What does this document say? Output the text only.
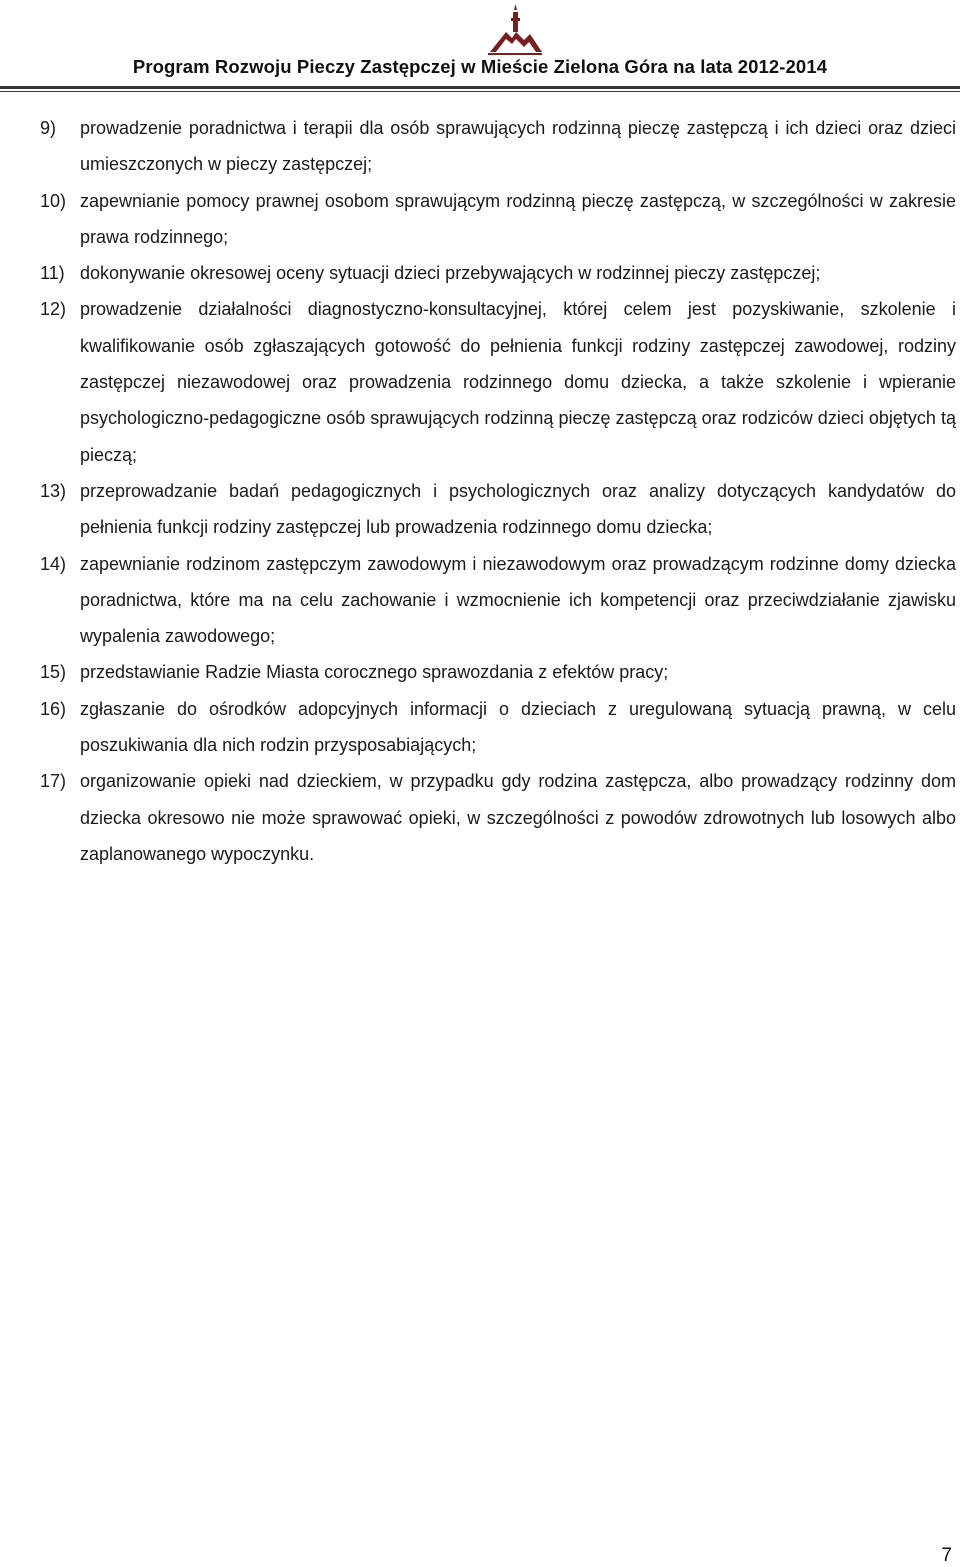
Program Rozwoju Pieczy Zastępczej w Mieście Zielona Góra na lata 2012-2014
9) prowadzenie poradnictwa i terapii dla osób sprawujących rodzinną pieczę zastępczą i ich dzieci oraz dzieci umieszczonych w pieczy zastępczej;
10) zapewnianie pomocy prawnej osobom sprawującym rodzinną pieczę zastępczą, w szczególności w zakresie prawa rodzinnego;
11) dokonywanie okresowej oceny sytuacji dzieci przebywających w rodzinnej pieczy zastępczej;
12) prowadzenie działalności diagnostyczno-konsultacyjnej, której celem jest pozyskiwanie, szkolenie i kwalifikowanie osób zgłaszających gotowość do pełnienia funkcji rodziny zastępczej zawodowej, rodziny zastępczej niezawodowej oraz prowadzenia rodzinnego domu dziecka, a także szkolenie i wpieranie psychologiczno-pedagogiczne osób sprawujących rodzinną pieczę zastępczą oraz rodziców dzieci objętych tą pieczą;
13) przeprowadzanie badań pedagogicznych i psychologicznych oraz analizy dotyczących kandydatów do pełnienia funkcji rodziny zastępczej lub prowadzenia rodzinnego domu dziecka;
14) zapewnianie rodzinom zastępczym zawodowym i niezawodowym oraz prowadzącym rodzinne domy dziecka poradnictwa, które ma na celu zachowanie i wzmocnienie ich kompetencji oraz przeciwdziałanie zjawisku wypalenia zawodowego;
15) przedstawianie Radzie Miasta corocznego sprawozdania z efektów pracy;
16) zgłaszanie do ośrodków adopcyjnych informacji o dzieciach z uregulowaną sytuacją prawną, w celu poszukiwania dla nich rodzin przysposabiających;
17) organizowanie opieki nad dzieckiem, w przypadku gdy rodzina zastępcza, albo prowadzący rodzinny dom dziecka okresowo nie może sprawować opieki, w szczególności z powodów zdrowotnych lub losowych albo zaplanowanego wypoczynku.
7
